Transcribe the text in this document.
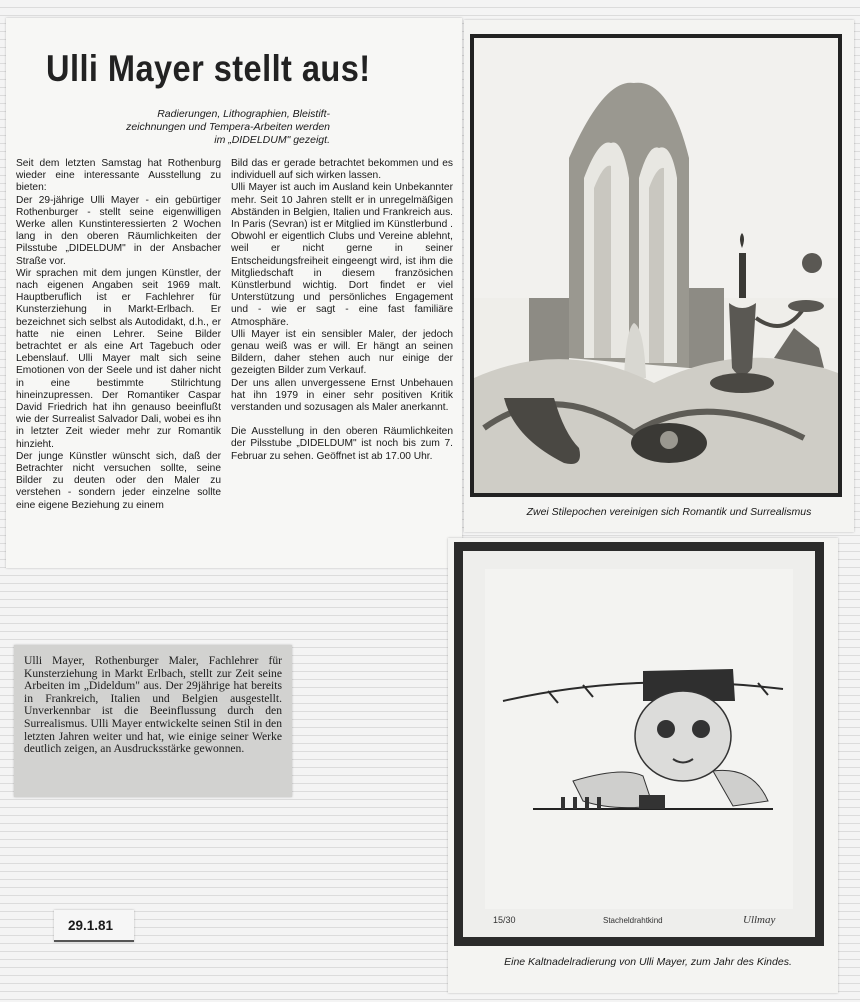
Ulli Mayer stellt aus!
Radierungen, Lithographien, Bleistift-zeichnungen und Tempera-Arbeiten werden im „DIDELDUM" gezeigt.

Seit dem letzten Samstag hat Rothenburg wieder eine interessante Ausstellung zu bieten:

Der 29-jährige Ulli Mayer - ein gebürtiger Rothenburger - stellt seine eigenwilligen Werke allen Kunstinteressierten 2 Wochen lang in den oberen Räumlichkeiten der Pilsstube „DIDELDUM" in der Ansbacher Straße vor.

Wir sprachen mit dem jungen Künstler, der nach eigenen Angaben seit 1969 malt. Hauptberuflich ist er Fachlehrer für Kunsterziehung in Markt-Erlbach. Er bezeichnet sich selbst als Autodidakt, d.h., er hatte nie einen Lehrer. Seine Bilder betrachtet er als eine Art Tagebuch oder Lebenslauf. Ulli Mayer malt sich seine Emotionen von der Seele und ist daher nicht in eine bestimmte Stilrichtung hineinzupressen. Der Romantiker Caspar David Friedrich hat ihn genauso beeinflußt wie der Surrealist Salvador Dali, wobei es ihn in letzter Zeit wieder mehr zur Romantik hinzieht.

Der junge Künstler wünscht sich, daß der Betrachter nicht versuchen sollte, seine Bilder zu deuten oder den Maler zu verstehen - sondern jeder einzelne sollte eine eigene Beziehung zu einem

Bild das er gerade betrachtet bekommen und es individuell auf sich wirken lassen.

Ulli Mayer ist auch im Ausland kein Unbekannter mehr. Seit 10 Jahren stellt er in unregelmäßigen Abständen in Belgien, Italien und Frankreich aus. In Paris (Sevran) ist er Mitglied im Künstlerbund . Obwohl er eigentlich Clubs und Vereine ablehnt, weil er nicht gerne in seiner Entscheidungsfreiheit eingeengt wird, ist ihm die Mitgliedschaft in diesem französichen Künstlerbund wichtig. Dort findet er viel Unterstützung und persönliches Engagement und - wie er sagt - eine fast familiäre Atmosphäre.

Ulli Mayer ist ein sensibler Maler, der jedoch genau weiß was er will. Er hängt an seinen Bildern, daher stehen auch nur einige der gezeigten Bilder zum Verkauf.

Der uns allen unvergessene Ernst Unbehauen hat ihn 1979 in einer sehr positiven Kritik verstanden und sozusagen als Maler anerkannt.

Die Ausstellung in den oberen Räumlichkeiten der Pilsstube „DIDELDUM" ist noch bis zum 7. Februar zu sehen. Geöffnet ist ab 17.00 Uhr.

Zwei Stilepochen vereinigen sich Romantik und Surrealismus
15/30	Stacheldrahtkind	Ullmay
Eine Kaltnadelradierung von Ulli Mayer, zum Jahr des Kindes.
Ulli Mayer, Rothenburger Maler, Fachlehrer für Kunsterziehung in Markt Erlbach, stellt zur Zeit seine Arbeiten im „Dideldum" aus. Der 29jährige hat bereits in Frankreich, Italien und Belgien ausgestellt. Unverkennbar ist die Beeinflussung durch den Surrealismus. Ulli Mayer entwickelte seinen Stil in den letzten Jahren weiter und hat, wie einige seiner Werke deutlich zeigen, an Ausdrucksstärke gewonnen.
29.1.81
